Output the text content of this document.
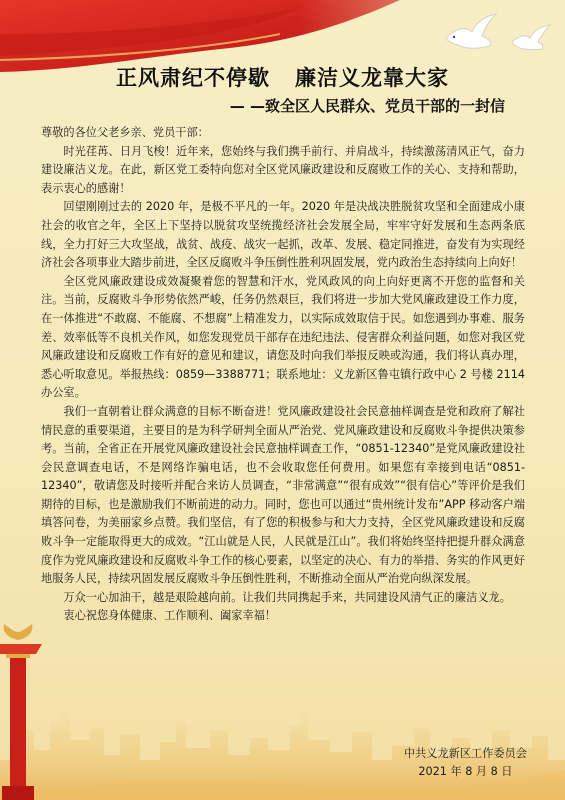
正风肃纪不停歇   廉洁义龙靠大家
— —致全区人民群众、党员干部的一封信

尊敬的各位父老乡亲、党员干部：

时光荏苒、日月飞梭！近年来，您始终与我们携手前行、并肩战斗，持续激荡清风正气，奋力建设廉洁义龙。在此，新区党工委特向您对全区党风廉政建设和反腐败工作的关心、支持和帮助，表示衷心的感谢！

回望刚刚过去的 2020 年，是极不平凡的一年。2020 年是决战决胜脱贫攻坚和全面建成小康社会的收官之年，全区上下坚持以脱贫攻坚统揽经济社会发展全局，牢牢守好发展和生态两条底线，全力打好三大攻坚战，战贫、战疫、战灾一起抓，改革、发展、稳定同推进，奋发有为实现经济社会各项事业大踏步前进，全区反腐败斗争压倒性胜利巩固发展，党内政治生态持续向上向好！

全区党风廉政建设成效凝聚着您的智慧和汗水，党风政风的向上向好更离不开您的监督和关注。当前，反腐败斗争形势依然严峻，任务仍然艰巨，我们将进一步加大党风廉政建设工作力度，在一体推进“不敢腐、不能腐、不想腐”上精准发力，以实际成效取信于民。如您遇到办事难、服务差、效率低等不良机关作风，如您发现党员干部存在违纪违法、侵害群众利益问题，如您对我区党风廉政建设和反腐败工作有好的意见和建议，请您及时向我们举报反映或沟通，我们将认真办理，悉心听取意见。举报热线：0859—3388771；联系地址：义龙新区鲁屯镇行政中心 2 号楼 2114 办公室。

我们一直朝着让群众满意的目标不断奋进！党风廉政建设社会民意抽样调查是党和政府了解社情民意的重要渠道，主要目的是为科学研判全面从严治党、党风廉政建设和反腐败斗争提供决策参考。当前，全省正在开展党风廉政建设社会民意抽样调查工作，“0851-12340”是党风廉政建设社会民意调查电话，不是网络诈骗电话，也不会收取您任何费用。如果您有幸接到电话“0851-12340”，敬请您及时接听并配合来访人员调查，“非常满意”“很有成效”“很有信心”等评价是我们期待的目标，也是激励我们不断前进的动力。同时，您也可以通过“贵州统计发布”APP 移动客户端填答问卷，为美丽家乡点赞。我们坚信，有了您的积极参与和大力支持，全区党风廉政建设和反腐败斗争一定能取得更大的成效。“江山就是人民，人民就是江山”。我们将始终坚持把提升群众满意度作为党风廉政建设和反腐败斗争工作的核心要素，以坚定的决心、有力的举措、务实的作风更好地服务人民，持续巩固发展反腐败斗争压倒性胜利，不断推动全面从严治党向纵深发展。

万众一心加油干，越是艰险越向前。让我们共同携起手来，共同建设风清气正的廉洁义龙。

衷心祝您身体健康、工作顺利、阖家幸福！

中共义龙新区工作委员会
2021 年 8 月 8 日
